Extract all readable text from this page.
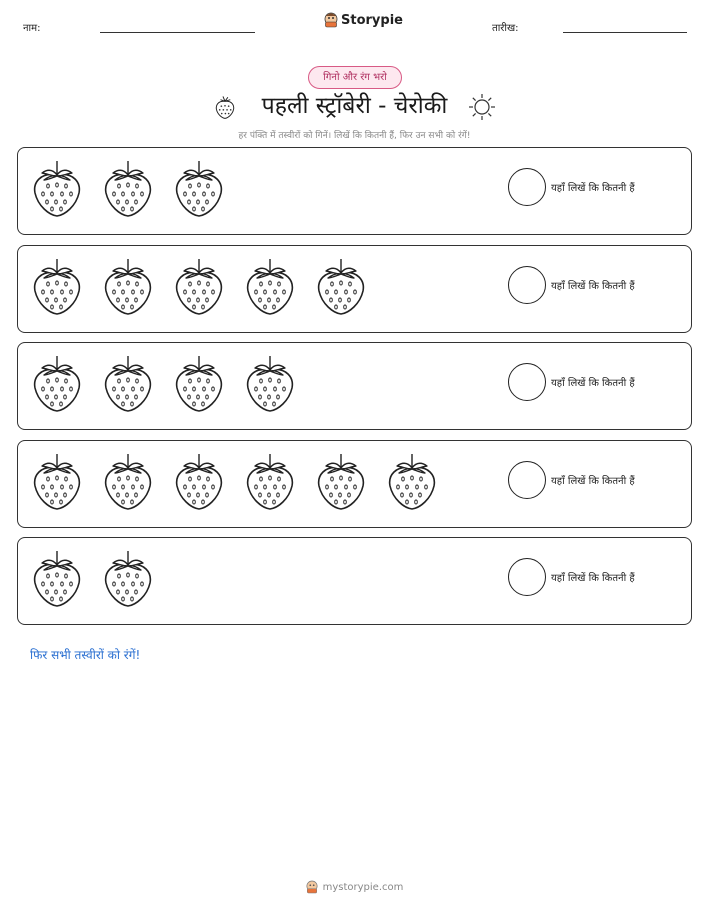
नाम:
Storypie
तारीख:
गिनो और रंग भरो
पहली स्ट्रॉबेरी - चेरोकी
हर पंक्ति में तस्वीरों को गिनें। लिखें कि कितनी हैं, फिर उन सभी को रंगें!
यहाँ लिखें कि कितनी हैं
यहाँ लिखें कि कितनी हैं
यहाँ लिखें कि कितनी हैं
यहाँ लिखें कि कितनी हैं
यहाँ लिखें कि कितनी हैं
फिर सभी तस्वीरों को रंगें!
mystorypie.com
